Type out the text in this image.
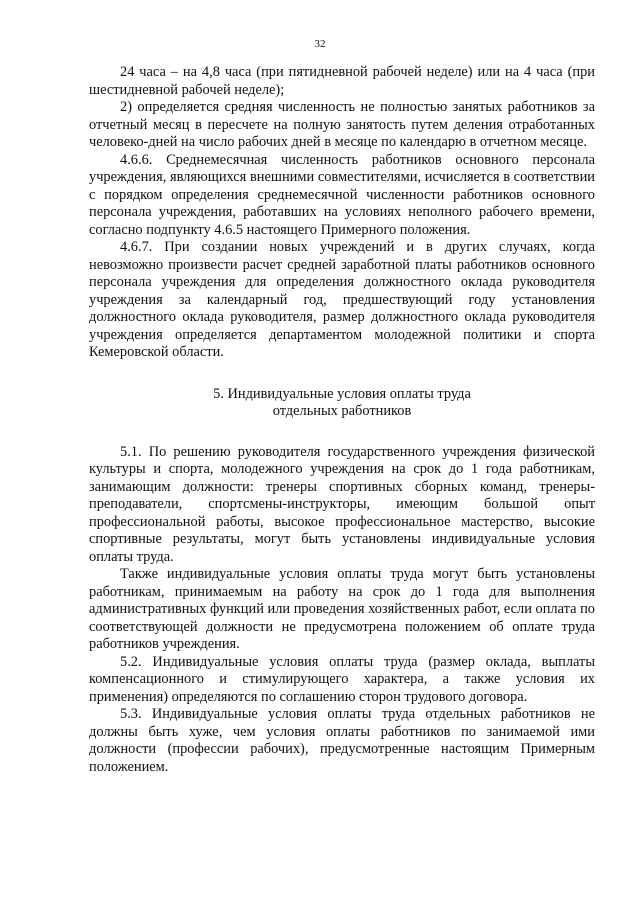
32

24 часа – на 4,8 часа (при пятидневной рабочей неделе) или на 4 часа (при шестидневной рабочей неделе);

2) определяется средняя численность не полностью занятых работников за отчетный месяц в пересчете на полную занятость путем деления отработанных человеко-дней на число рабочих дней в месяце по календарю в отчетном месяце.

4.6.6. Среднемесячная численность работников основного персонала учреждения, являющихся внешними совместителями, исчисляется в соответствии с порядком определения среднемесячной численности работников основного персонала учреждения, работавших на условиях неполного рабочего времени, согласно подпункту 4.6.5 настоящего Примерного положения.

4.6.7. При создании новых учреждений и в других случаях, когда невозможно произвести расчет средней заработной платы работников основного персонала учреждения для определения должностного оклада руководителя учреждения за календарный год, предшествующий году установления должностного оклада руководителя, размер должностного оклада руководителя учреждения определяется департаментом молодежной политики и спорта Кемеровской области.

5. Индивидуальные условия оплаты труда
отдельных работников

5.1. По решению руководителя государственного учреждения физической культуры и спорта, молодежного учреждения на срок до 1 года работникам, занимающим должности: тренеры спортивных сборных команд, тренеры-преподаватели, спортсмены-инструкторы, имеющим большой опыт профессиональной работы, высокое профессиональное мастерство, высокие спортивные результаты, могут быть установлены индивидуальные условия оплаты труда.

Также индивидуальные условия оплаты труда могут быть установлены работникам, принимаемым на работу на срок до 1 года для выполнения административных функций или проведения хозяйственных работ, если оплата по соответствующей должности не предусмотрена положением об оплате труда работников учреждения.

5.2. Индивидуальные условия оплаты труда (размер оклада, выплаты компенсационного и стимулирующего характера, а также условия их применения) определяются по соглашению сторон трудового договора.

5.3. Индивидуальные условия оплаты труда отдельных работников не должны быть хуже, чем условия оплаты работников по занимаемой ими должности (профессии рабочих), предусмотренные настоящим Примерным положением.
